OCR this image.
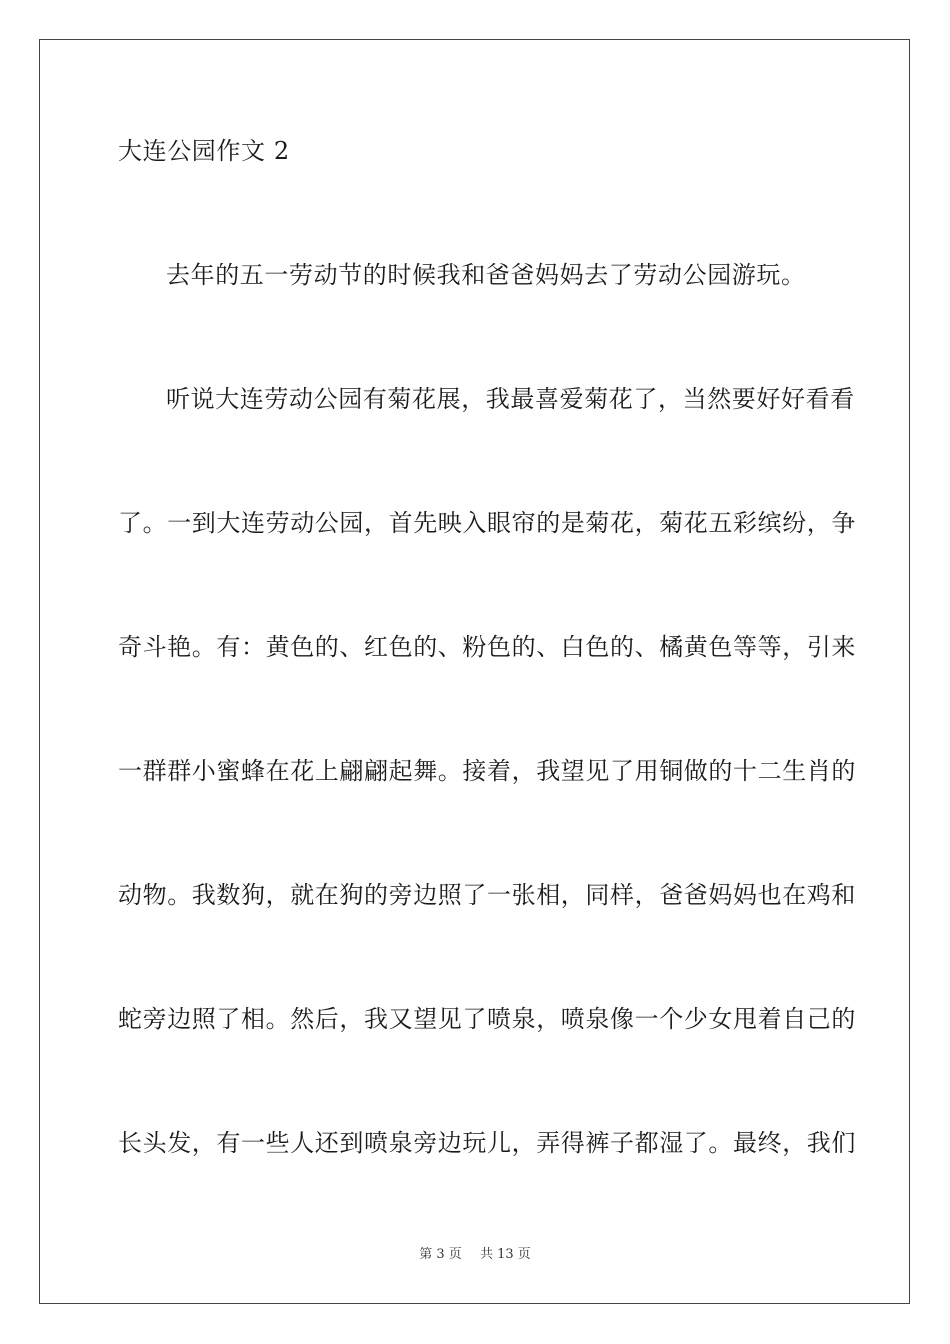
大连公园作文 2
去年的五一劳动节的时候我和爸爸妈妈去了劳动公园游玩。
听说大连劳动公园有菊花展，我最喜爱菊花了，当然要好好看看
了。一到大连劳动公园，首先映入眼帘的是菊花，菊花五彩缤纷，争
奇斗艳。有：黄色的、红色的、粉色的、白色的、橘黄色等等，引来
一群群小蜜蜂在花上翩翩起舞。接着，我望见了用铜做的十二生肖的
动物。我数狗，就在狗的旁边照了一张相，同样，爸爸妈妈也在鸡和
蛇旁边照了相。然后，我又望见了喷泉，喷泉像一个少女甩着自己的
长头发，有一些人还到喷泉旁边玩儿，弄得裤子都湿了。最终，我们
第 3 页 共 13 页
